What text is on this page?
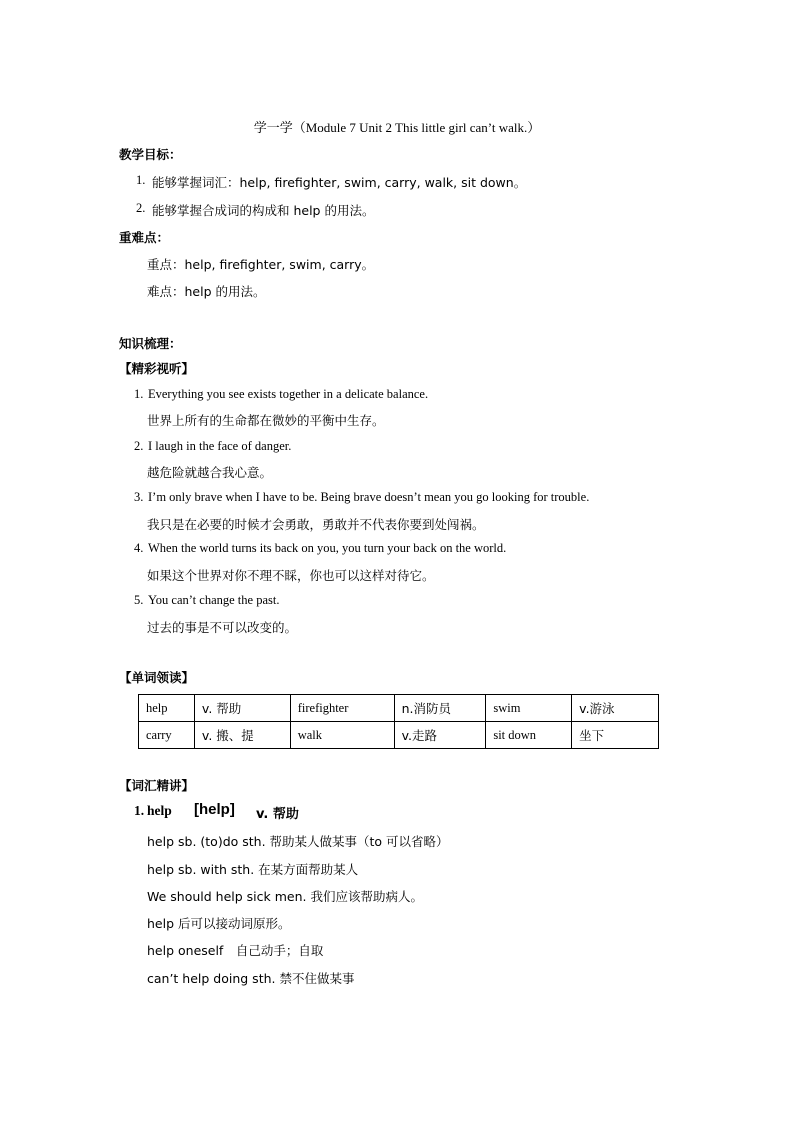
学一学（Module 7 Unit 2 This little girl can’t walk.）
教学目标：
1. 能够掌握词汇：help, firefighter, swim, carry, walk, sit down。
2. 能够掌握合成词的构成和 help 的用法。
重难点：
重点：help, firefighter, swim, carry。
难点：help 的用法。
知识梳理：
【精彩视听】
1. Everything you see exists together in a delicate balance.
世界上所有的生命都在微妙的平衡中生存。
2. I laugh in the face of danger.
越危险就越合我心意。
3. I’m only brave when I have to be. Being brave doesn’t mean you go looking for trouble.
我只是在必要的时候才会勇敢，勇敢并不代表你要到处闯祸。
4. When the world turns its back on you, you turn your back on the world.
如果这个世界对你不理不睬，你也可以这样对待它。
5. You can’t change the past.
过去的事是不可以改变的。
【单词领读】
help	v. 帮助	firefighter	n.消防员	swim	v.游泳
carry	v. 搬、提	walk	v.走路	sit down	坐下
【词汇精讲】
1. help [help] v. 帮助
help sb. (to)do sth. 帮助某人做某事（to 可以省略）
help sb. with sth. 在某方面帮助某人
We should help sick men. 我们应该帮助病人。
help 后可以接动词原形。
help oneself　自己动手；自取
can’t help doing sth. 禁不住做某事
